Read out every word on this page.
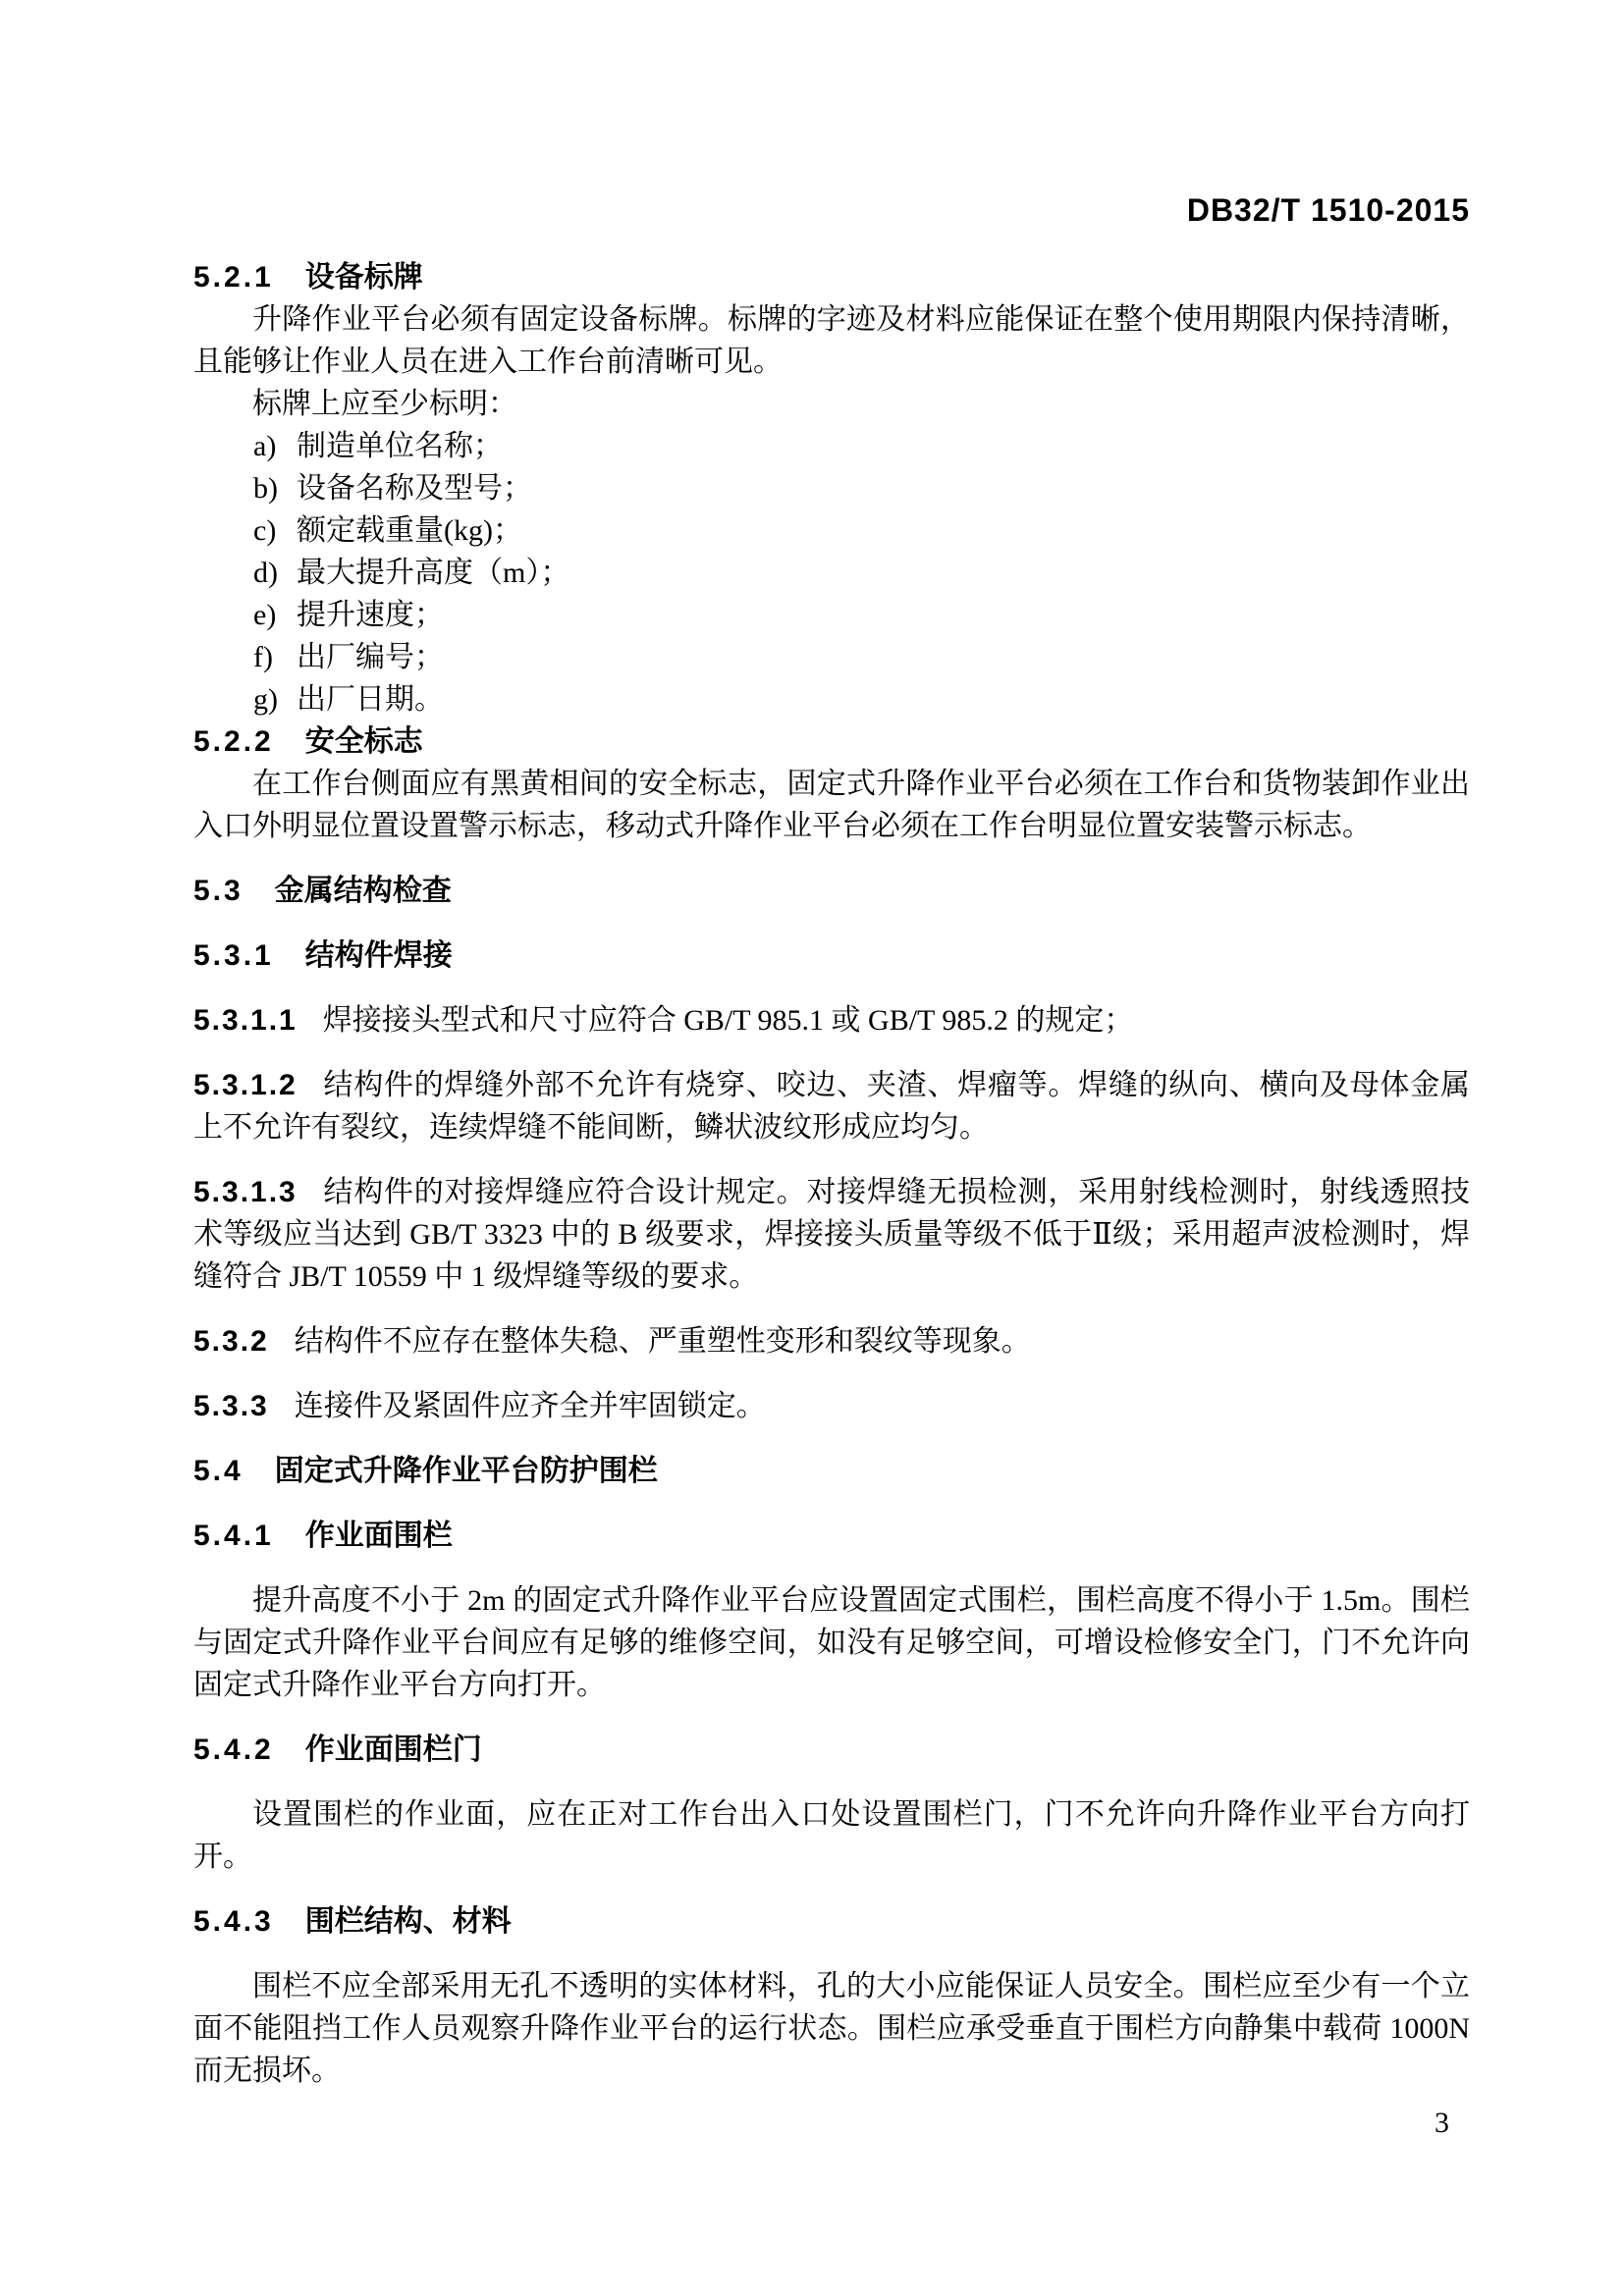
DB32/T 1510-2015
5.2.1 设备标牌

升降作业平台必须有固定设备标牌。标牌的字迹及材料应能保证在整个使用期限内保持清晰，且能够让作业人员在进入工作台前清晰可见。

标牌上应至少标明：

a) 制造单位名称；
b) 设备名称及型号；
c) 额定载重量(kg)；
d) 最大提升高度（m）；
e) 提升速度；
f) 出厂编号；
g) 出厂日期。
5.2.2 安全标志

在工作台侧面应有黑黄相间的安全标志，固定式升降作业平台必须在工作台和货物装卸作业出入口外明显位置设置警示标志，移动式升降作业平台必须在工作台明显位置安装警示标志。

5.3 金属结构检查
5.3.1 结构件焊接

5.3.1.1 焊接接头型式和尺寸应符合 GB/T 985.1 或 GB/T 985.2 的规定；

5.3.1.2 结构件的焊缝外部不允许有烧穿、咬边、夹渣、焊瘤等。焊缝的纵向、横向及母体金属上不允许有裂纹，连续焊缝不能间断，鳞状波纹形成应均匀。

5.3.1.3 结构件的对接焊缝应符合设计规定。对接焊缝无损检测，采用射线检测时，射线透照技术等级应当达到 GB/T 3323 中的 B 级要求，焊接接头质量等级不低于Ⅱ级；采用超声波检测时，焊缝符合 JB/T 10559 中 1 级焊缝等级的要求。

5.3.2 结构件不应存在整体失稳、严重塑性变形和裂纹等现象。

5.3.3 连接件及紧固件应齐全并牢固锁定。

5.4 固定式升降作业平台防护围栏
5.4.1 作业面围栏

提升高度不小于 2m 的固定式升降作业平台应设置固定式围栏，围栏高度不得小于 1.5m。围栏与固定式升降作业平台间应有足够的维修空间，如没有足够空间，可增设检修安全门，门不允许向固定式升降作业平台方向打开。

5.4.2 作业面围栏门

设置围栏的作业面，应在正对工作台出入口处设置围栏门，门不允许向升降作业平台方向打开。

5.4.3 围栏结构、材料

围栏不应全部采用无孔不透明的实体材料，孔的大小应能保证人员安全。围栏应至少有一个立面不能阻挡工作人员观察升降作业平台的运行状态。围栏应承受垂直于围栏方向静集中载荷 1000N 而无损坏。

3
